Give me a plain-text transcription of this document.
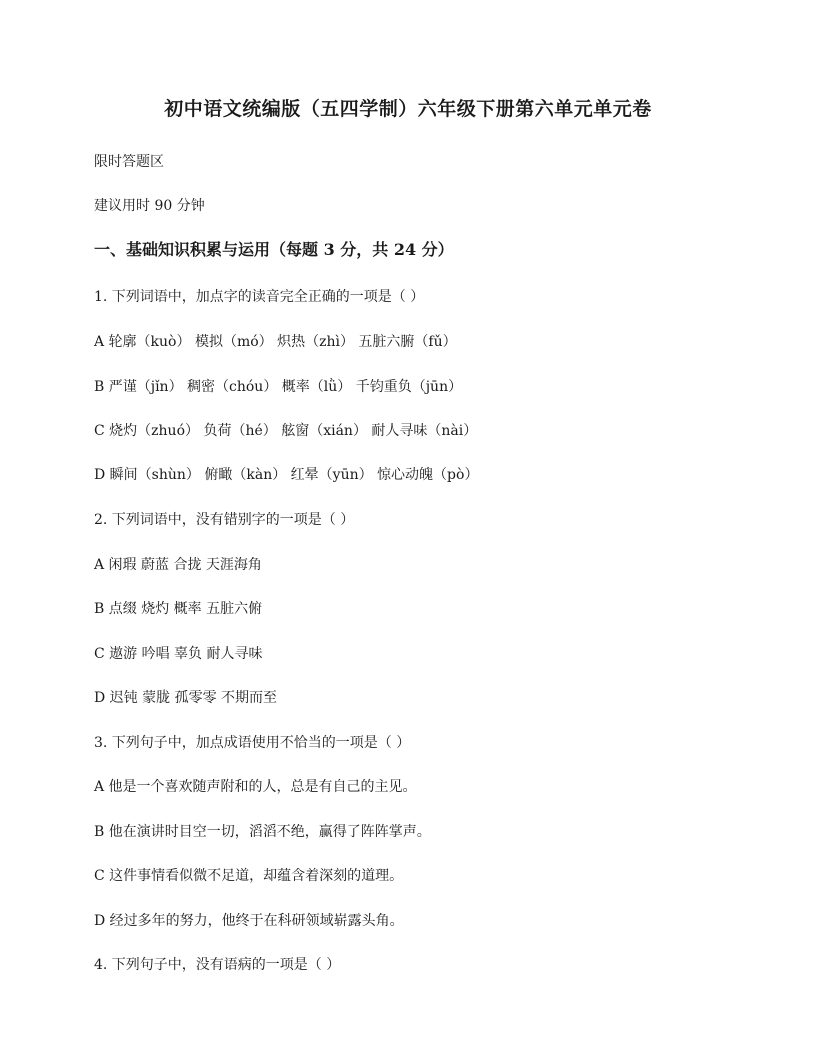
初中语文统编版（五四学制）六年级下册第六单元单元卷
限时答题区
建议用时 90 分钟
一、基础知识积累与运用（每题 3 分，共 24 分）
1. 下列词语中，加点字的读音完全正确的一项是（ ）
A 轮廓（kuò） 模拟（mó） 炽热（zhì） 五脏六腑（fǔ）
B 严谨（jǐn） 稠密（chóu） 概率（lǜ） 千钧重负（jūn）
C 烧灼（zhuó） 负荷（hé） 舷窗（xián） 耐人寻味（nài）
D 瞬间（shùn） 俯瞰（kàn） 红晕（yūn） 惊心动魄（pò）
2. 下列词语中，没有错别字的一项是（ ）
A 闲瑕 蔚蓝 合拢 天涯海角
B 点缀 烧灼 概率 五脏六俯
C 遨游 吟唱 辜负 耐人寻味
D 迟钝 蒙胧 孤零零 不期而至
3. 下列句子中，加点成语使用不恰当的一项是（ ）
A 他是一个喜欢随声附和的人，总是有自己的主见。
B 他在演讲时目空一切，滔滔不绝，赢得了阵阵掌声。
C 这件事情看似微不足道，却蕴含着深刻的道理。
D 经过多年的努力，他终于在科研领域崭露头角。
4. 下列句子中，没有语病的一项是（ ）
